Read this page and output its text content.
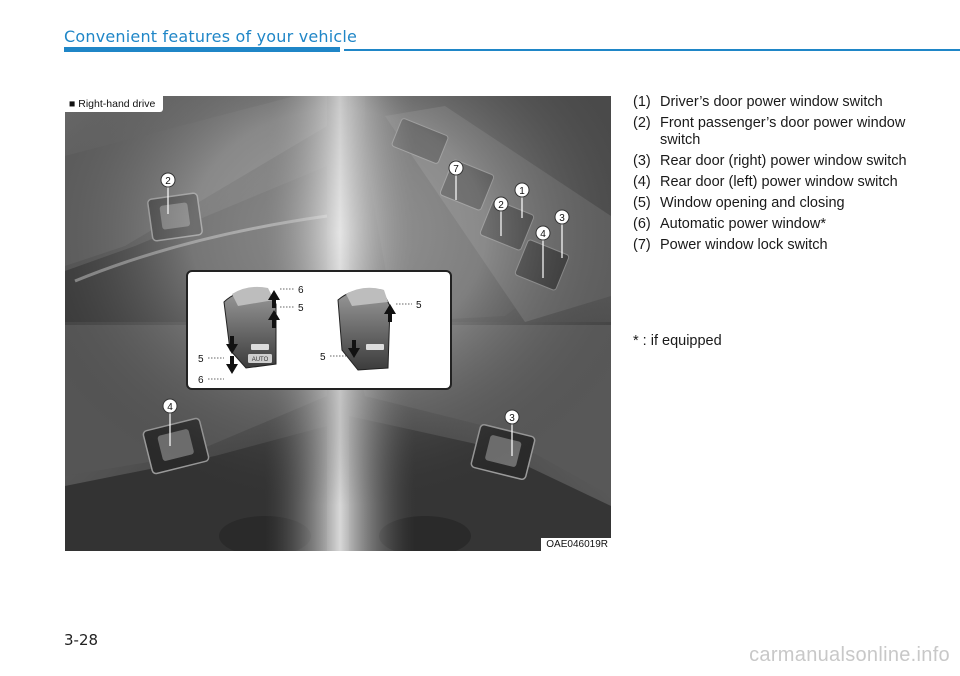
Convenient features of your vehicle
2
1
2
7
3
4
4
3
AUTO
6
5
5
6
5
5
■ Right-hand drive
OAE046019R
(1) Driver’s door power window switch
(2) Front passenger’s door power window switch
(3) Rear door (right) power window switch
(4) Rear door (left) power window switch
(5) Window opening and closing
(6) Automatic power window*
(7) Power window lock switch
* : if equipped
3-28
carmanualsonline.info
